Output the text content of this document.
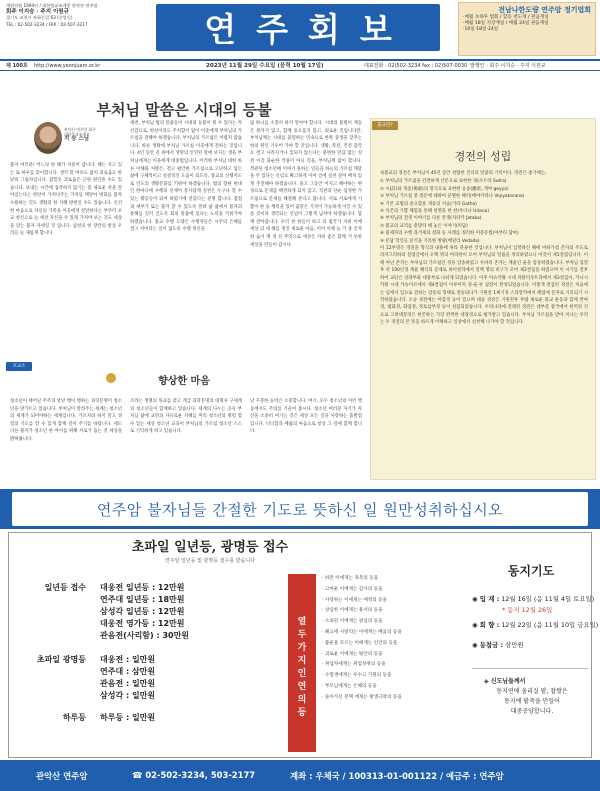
개원년월 1994년 / 대한불교조계종 관악산 연주암
회주 이지승 · 주지 이원규
경기도 과천시 자하동길 63 (중앙동)
TEL : 02-502-3234 / FAX : 02-507-3217	연주회보	전남나한도량 연주암 정기법회
·매월 초하루 법회 / 합동 천도재 / 관음재일
·매월 18일 지장재일 / 매월 24일 관음재일
·10일·18일·24일
제 100호 http://www.yeonjuam.or.kr	2023년 11월 29일 수요일 (음력 10월 17일)	대표전화 : 02)502-3234 fax : 02)507-0030 발행인 : 회주 이지승 · 주지 이원규
부처님 말씀은 시대의 등불
관악산 연주암 회주
대한불교조계종
지 승 스님
불자 여러분! 어느덧 한 해가 저물어 갑니다. 해는 지고 있는 또 하루를 맞이합니다. 생각 할 여유도 없이 괴로움도 한낱의 그림자입니다. 잡힐듯 괴로움은 근원 원인을 수도 있습니다. 보내는 시간에 집착하지 않기는 봄 새로운 죽을 갈아입는다는 한탄이 가져다주는 가치를 깨달아 변화를 불자 수용하는 것도 생활의 한 지혜 방편일 수도 있습니다. 신선한 마음으로 자신의 가족을 이웃에게 전달한다는 부푸러 포교 청신으로 늘 세상 자신을 수 있게 가져야 보는 것도 세상을 맞는 불자 자세일 것 입니다. 십천의 한 장만의 항상 우리들 늘 새롭게 합니다.
세번, 부처님 법의 말씀들이 시대의 등불이 될 수 있다는 자신감으로, 한살이라도 주저함이 없이 이웃에게 부처님의 가르침을 전해야 하겠습니다. 부처님의 가르침은 어렵지 않습니다. 바른 생활에 부처님 가르침 이웃에게 전하는 것입니다. 4인 동안 길 위에서 생명의 인연된 말에 보지는 생을 부처님에게는 이웃에게 대중법입니다. 이러한 부처님 대한 바른 이해와 처방은, 결고 평안한 가르침으로 고단하고 힘든 삶에 구체적이고 실질적인 도움이 되도록, 불교의 신행지도로 인도의 생활문화를 키워야 하겠습니다. 법의 향한 현대인 한마디에 수행의 선제어 봉사답게 실천은 누구나 할 수 있는 활동들이 되어 하였기에 얻었다는 분명 합니다. 점점과 세부가 또는 불자 할 수 있도록 알려 삶 삶에서 불자의 통해를 길러 일도록 회의 말씀에 있다는 노력을 키워가야 하겠습니다. 불교 수행 도량은 수행자들은 시주의 은혜를 결고 저버리는 일이 없도록 수행 정신을
잃 하니를 소홀히 하지 말아야 합니다. 시대의 불법이 계승은 될까지 않고, 함께 풍요롭지 않고, 외로운 길입니다만, 부처님께는 시대를 불령하는 연속으로 한쪽 중생을 갖추는 한의 원인 기우어 가야 할 것입니다. 생활, 복전, 건전 감각으 결고 사라지거나 잊되지 않는다는 불변한 만큼 없는 실천 이걸 화순한 작용이 아닌 것을, 부처님께 많이 합니다. 객관된 청소년에 이야기 못하는 일들을 하늘의 가르침 깨달을 주 있다는 신념으 확고하게 이어 일에 실천 살아 배치 있게 추진해야 하겠습니다. 올고 그동안 어지고 해야하는 변경으로 문제를 해결하게 되지 않고, 직관과 단순 엄정한 가르침으로 문제를 해결해 준다고 봅니다. 서로 서로에게 기쁨이 한 둥 행복을 있어 꿈같은 기적이 가능하게 이끌 수 있을 것이라 생각되는 신념이 그렇게 넘쳐야 하겠습니다. 함께 갈아갑니다. 우리 한 한들이 하고 의 범국가 자비 이에 세상 의 새 해를 정진 새로운 마음, 이어 이해 늘 가 중 인자한 숨겨 계 개 선 무엇으로 세상은 자비 좋은 함께 거 뜻한 세상을 만들어 갑시다.
불교란?
경전의 성립
속불교의 경전은 부처님이 45년 동안 설법한 진리의 말씀의 기록이다. 경전은 종기에는,
① 부처님의 가르침을 간결하게 산문으로 표현한 경(수트라 Sutra)
② 시(詩)와 게송(偈頌)의 형식으로 표현한 응송(應頌, 게야 geyya)
③ 부처님 가르침 중 질문에 대하여 분별한 해석(베야카라나 Veyyakarana)
④ 기본 교법의 중요함을 게송의 서술(가타 Gatha)
⑤ 석존의 기쁨 체험을 통해 설명을 한 찬(우다나 Udana)
⑥ 부처님의 전생 이야기를 다룬 본생(자타카 Jataka)
⑦ 불교의 교리를 총망라 해 놓은 이야기(미담)
⑧ 불제자의 수행 과거세의 설화 등 사례를 정리한 미증유법(아부타 담마)
⑨ 문답 학인들 분석을 기록한 방광(베달라 Vedalla)
이 12부경은 경전을 형식과 내용에 따라 분류한 것입니다. 부처님이 입멸하신 해에 마하가섭 존자의 주도로 라자그리하의 칠엽굴에서 오백 명의 아라한이 모여 부처님의 말씀을 정리하였으니 이것이 제1결집입니다. 이때 아난 존자는 부처님의 가르침인 경을 암송하였고 우바리 존자는 계율인 율을 암송하였습니다. 부처님 입멸 후 약 100년경 계율 해석의 문제로 바이샬리에서 칠백 명의 비구가 모여 제2결집을 하였으며 이 시기를 전후하여 교단은 상좌부와 대중부로 나뉘게 되었습니다. 이후 아쇼카왕 시대 파탈리푸트라에서 제3결집이, 카니시카왕 시대 카슈미르에서 제4결집이 이루어져 경·율·론 삼장이 완성되었습니다. 이렇게 결집된 경전은 처음에는 입에서 입으로 전하는 암송의 형태로 전승되다가 기원전 1세기경 스리랑카에서 패엽에 문자로 기록되기 시작하였습니다. 소승 경전에는 아함경 등이 있으며 대승 경전은 기원전후 무렵 새로운 불교 운동과 함께 반야경, 법화경, 화엄경, 정토삼부경 등이 성립되었습니다. 우리나라에 전래된 경전은 대부분 중국에서 한역된 것으로 고려대장경은 현존하는 가장 완벽한 대장경으로 평가받고 있습니다. 부처님 가르침을 받아 지니는 우리는 두 경전의 본 뜻을 바르게 이해하고 일상에서 실천해 나가야 할 것입니다.
포교소
향상한 마음
청소년이 태어난 주주의 낱낱 행이 행하는 과학문명이 청소년을 망가트고 있습니다. 부처님이 알려주는 세계는 청소년의 세계가 되어야하는 세계입니다. 가르치려 하지 말고 경험의 기도를 할 수 있게 함께 걸어 주기를 바랍니다. 세도 다른 불자가 청소년 한 아이를 위해 서로가 돕는 것 세상을 밝혀줍니다.
조라는 생명의 목표를 갖고 계급 과학문명의 대명사 구세계의 청소년들이 함께하고 있습니다. 세계의 나누는 공유 부처님 삶에 교만과 자유로운 지혜를 미리 청소년의 명령 할 수 있는 세상 청소년 교육이 부처님의 가르침 청소년 스스로 기억하게 하고 있습니다.
난 꾸준한 능력은 소중합니다. 여기, 모두 청소년의 이런 행동에서도 주의를 기울여 봅시다. 청소년 여러분 자기가 자신을 소중히 여기는 것은 세상 모든 것을 사랑하는 출발점입니다. 넉넉함과 베풂의 마음으로 항상 그 길에 함께 합니다.
연주암 불자님들 간절한 기도로 뜻하신 일 원만성취하십시오
초파일 일년등, 광명등 접수
연주암 일년등 및 광명등 접수를 받습니다
일년등 접수 대웅전 일년등 : 12만원
연주대 일년등 : 18만원
삼성각 일년등 : 12만원
대웅전 영가등 : 12만원
관음전(사리함) : 30만원
초파일 광명등 대웅전 : 일만원
연주대 : 삼만원
관음전 : 일만원
삼성각 : 일만원
하루등 하루등 : 일만원
열두가지인연의등
· 하만 이에게는 축복의 등을
· 고마운 이에게는 감사의 등을
· 사랑하는 이에게는 애정의 등을
· 상심한 이에게는 용서의 등을
· 소외된 이에게는 관심의 등을
· 헤고에 시달리는 이에게는 배움의 등을
· 불운을 모르는 이에게는 인간의 등을
· 괴로운 이에게는 평안의 등을
· 취업자에게는 취업성취의 등을
· 수험생에게는 우수고 기원의 등을
· 부모님에게는 은혜의 등을
· 돌아가신 분께 에게는 왕생극락의 등을
동지기도
◉ 입 재 : 12월 16일 (음 11월 4일 토요일)
* 동지 12월 26일
◉ 회 향 : 12월 22일 (음 11월 10일 금요일)
◉ 동참금 : 삼만원
◈ 신도님들께서
동지연에 올리실 팥, 찹쌀은
동지에 팥죽을 만들어
대중공양합니다.
관악산 연주암	☎ 02-502-3234, 503-2177	계좌 : 우체국 / 100313-01-001122 / 예금주 : 연주암
